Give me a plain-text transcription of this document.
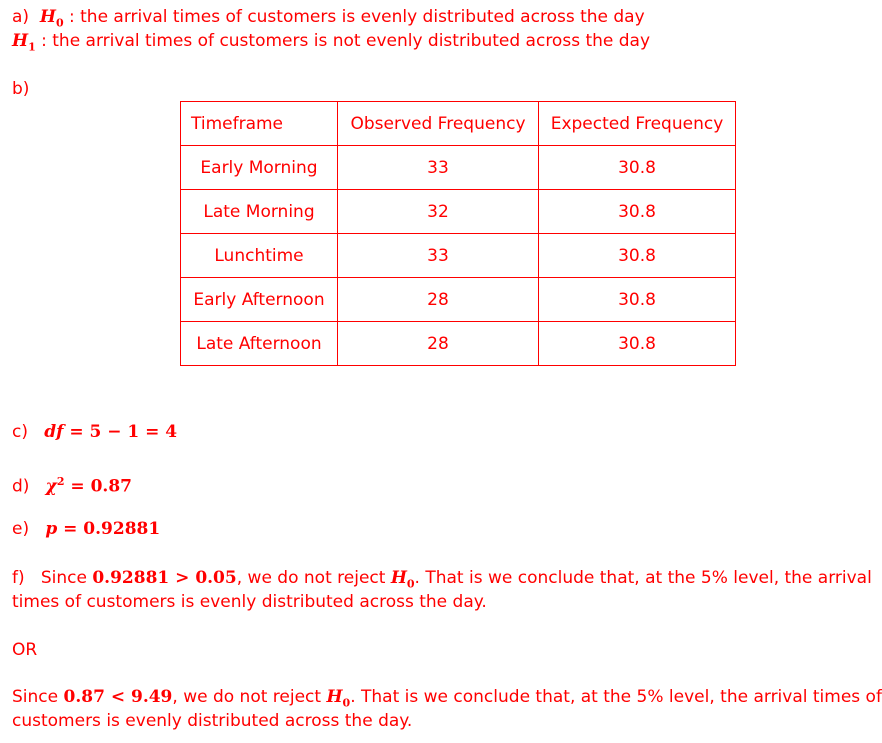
a) $H_0$ : the arrival times of customers is evenly distributed across the day
$H_1$ : the arrival times of customers is not evenly distributed across the day
b)
Timeframe	Observed Frequency	Expected Frequency
Early Morning	33	30.8
Late Morning	32	30.8
Lunchtime	33	30.8
Early Afternoon	28	30.8
Late Afternoon	28	30.8
c) df = 5 − 1 = 4
d) $\chi^2 = 0.87$
e) p = 0.92881
f) Since 0.92881 > 0.05, we do not reject $H_0$. That is we conclude that, at the 5% level, the arrival
times of customers is evenly distributed across the day.
OR
Since 0.87 < 9.49, we do not reject $H_0$. That is we conclude that, at the 5% level, the arrival times of
customers is evenly distributed across the day.
